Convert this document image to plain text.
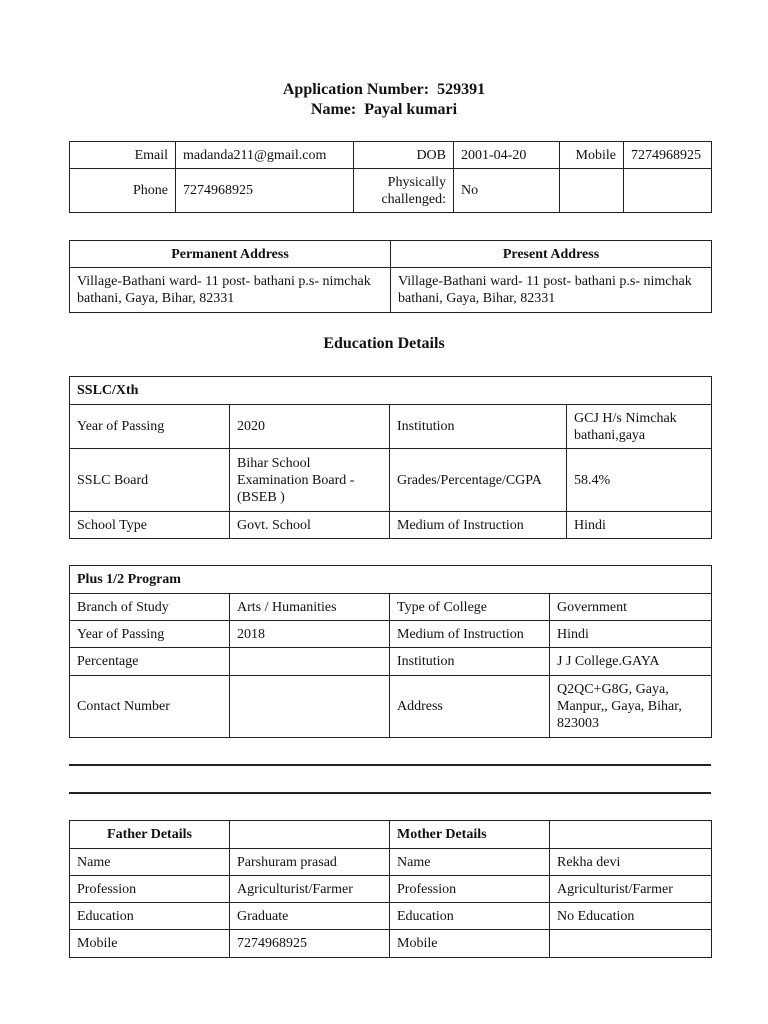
Application Number: 529391
Name: Payal kumari
Email	madanda211@gmail.com	DOB	2001-04-20	Mobile	7274968925
Phone	7274968925	Physically challenged:	No		
Permanent Address	Present Address
Village-Bathani ward- 11 post- bathani p.s- nimchak bathani, Gaya, Bihar, 82331	Village-Bathani ward- 11 post- bathani p.s- nimchak bathani, Gaya, Bihar, 82331
Education Details
SSLC/Xth			
Year of Passing	2020	Institution	GCJ H/s Nimchak bathani,gaya
SSLC Board	Bihar School Examination Board - (BSEB )	Grades/Percentage/CGPA	58.4%
School Type	Govt. School	Medium of Instruction	Hindi
Plus 1/2 Program			
Branch of Study	Arts / Humanities	Type of College	Government
Year of Passing	2018	Medium of Instruction	Hindi
Percentage		Institution	J J College.GAYA
Contact Number		Address	Q2QC+G8G, Gaya, Manpur,, Gaya, Bihar, 823003
Father Details		Mother Details	
Name	Parshuram prasad	Name	Rekha devi
Profession	Agriculturist/Farmer	Profession	Agriculturist/Farmer
Education	Graduate	Education	No Education
Mobile	7274968925	Mobile	
